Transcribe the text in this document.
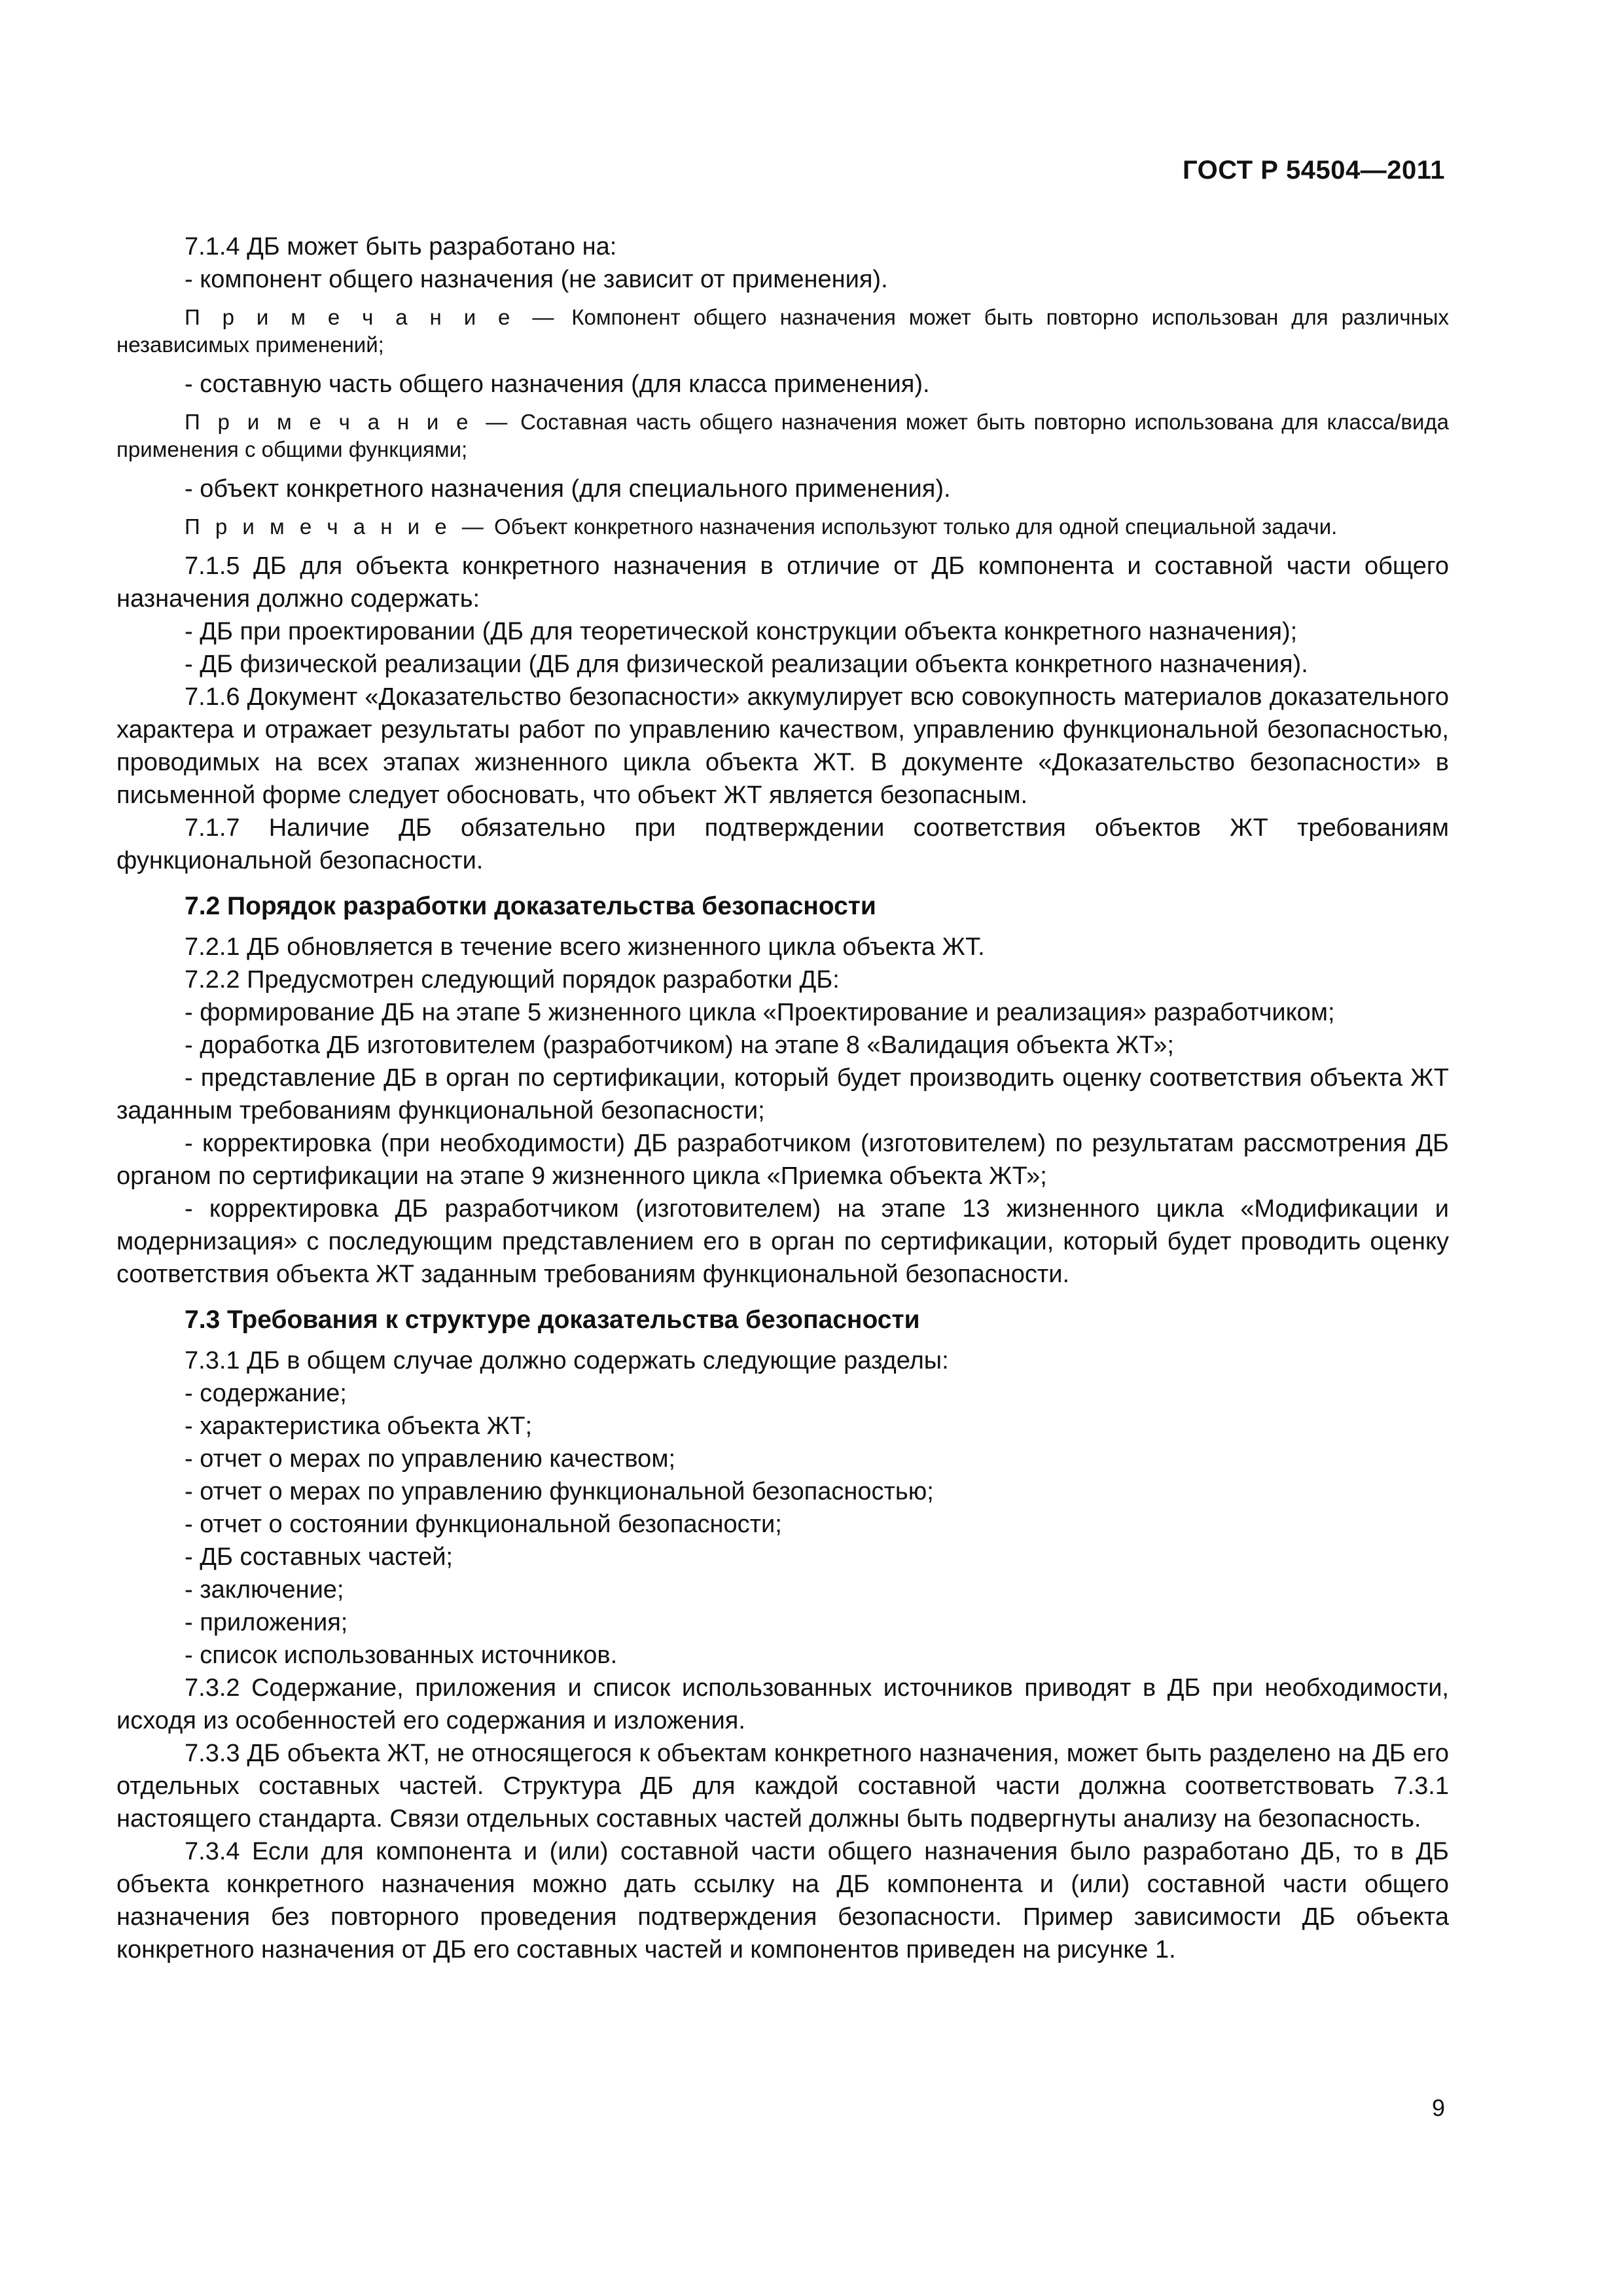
ГОСТ Р 54504—2011

7.1.4 ДБ может быть разработано на:

- компонент общего назначения (не зависит от применения).

П р и м е ч а н и е — Компонент общего назначения может быть повторно использован для различных независимых применений;

- составную часть общего назначения (для класса применения).

П р и м е ч а н и е — Составная часть общего назначения может быть повторно использована для класса/вида применения с общими функциями;

- объект конкретного назначения (для специального применения).

П р и м е ч а н и е — Объект конкретного назначения используют только для одной специальной задачи.

7.1.5 ДБ для объекта конкретного назначения в отличие от ДБ компонента и составной части общего назначения должно содержать:

- ДБ при проектировании (ДБ для теоретической конструкции объекта конкретного назначения);

- ДБ физической реализации (ДБ для физической реализации объекта конкретного назначения).

7.1.6 Документ «Доказательство безопасности» аккумулирует всю совокупность материалов доказательного характера и отражает результаты работ по управлению качеством, управлению функциональной безопасностью, проводимых на всех этапах жизненного цикла объекта ЖТ. В документе «Доказательство безопасности» в письменной форме следует обосновать, что объект ЖТ является безопасным.

7.1.7 Наличие ДБ обязательно при подтверждении соответствия объектов ЖТ требованиям функциональной безопасности.

7.2 Порядок разработки доказательства безопасности

7.2.1 ДБ обновляется в течение всего жизненного цикла объекта ЖТ.

7.2.2 Предусмотрен следующий порядок разработки ДБ:

- формирование ДБ на этапе 5 жизненного цикла «Проектирование и реализация» разработчиком;

- доработка ДБ изготовителем (разработчиком) на этапе 8 «Валидация объекта ЖТ»;

- представление ДБ в орган по сертификации, который будет производить оценку соответствия объекта ЖТ заданным требованиям функциональной безопасности;

- корректировка (при необходимости) ДБ разработчиком (изготовителем) по результатам рассмотрения ДБ органом по сертификации на этапе 9 жизненного цикла «Приемка объекта ЖТ»;

- корректировка ДБ разработчиком (изготовителем) на этапе 13 жизненного цикла «Модификации и модернизация» с последующим представлением его в орган по сертификации, который будет проводить оценку соответствия объекта ЖТ заданным требованиям функциональной безопасности.

7.3 Требования к структуре доказательства безопасности

7.3.1 ДБ в общем случае должно содержать следующие разделы:

- содержание;

- характеристика объекта ЖТ;

- отчет о мерах по управлению качеством;

- отчет о мерах по управлению функциональной безопасностью;

- отчет о состоянии функциональной безопасности;

- ДБ составных частей;

- заключение;

- приложения;

- список использованных источников.

7.3.2 Содержание, приложения и список использованных источников приводят в ДБ при необходимости, исходя из особенностей его содержания и изложения.

7.3.3 ДБ объекта ЖТ, не относящегося к объектам конкретного назначения, может быть разделено на ДБ его отдельных составных частей. Структура ДБ для каждой составной части должна соответствовать 7.3.1 настоящего стандарта. Связи отдельных составных частей должны быть подвергнуты анализу на безопасность.

7.3.4 Если для компонента и (или) составной части общего назначения было разработано ДБ, то в ДБ объекта конкретного назначения можно дать ссылку на ДБ компонента и (или) составной части общего назначения без повторного проведения подтверждения безопасности. Пример зависимости ДБ объекта конкретного назначения от ДБ его составных частей и компонентов приведен на рисунке 1.

9
